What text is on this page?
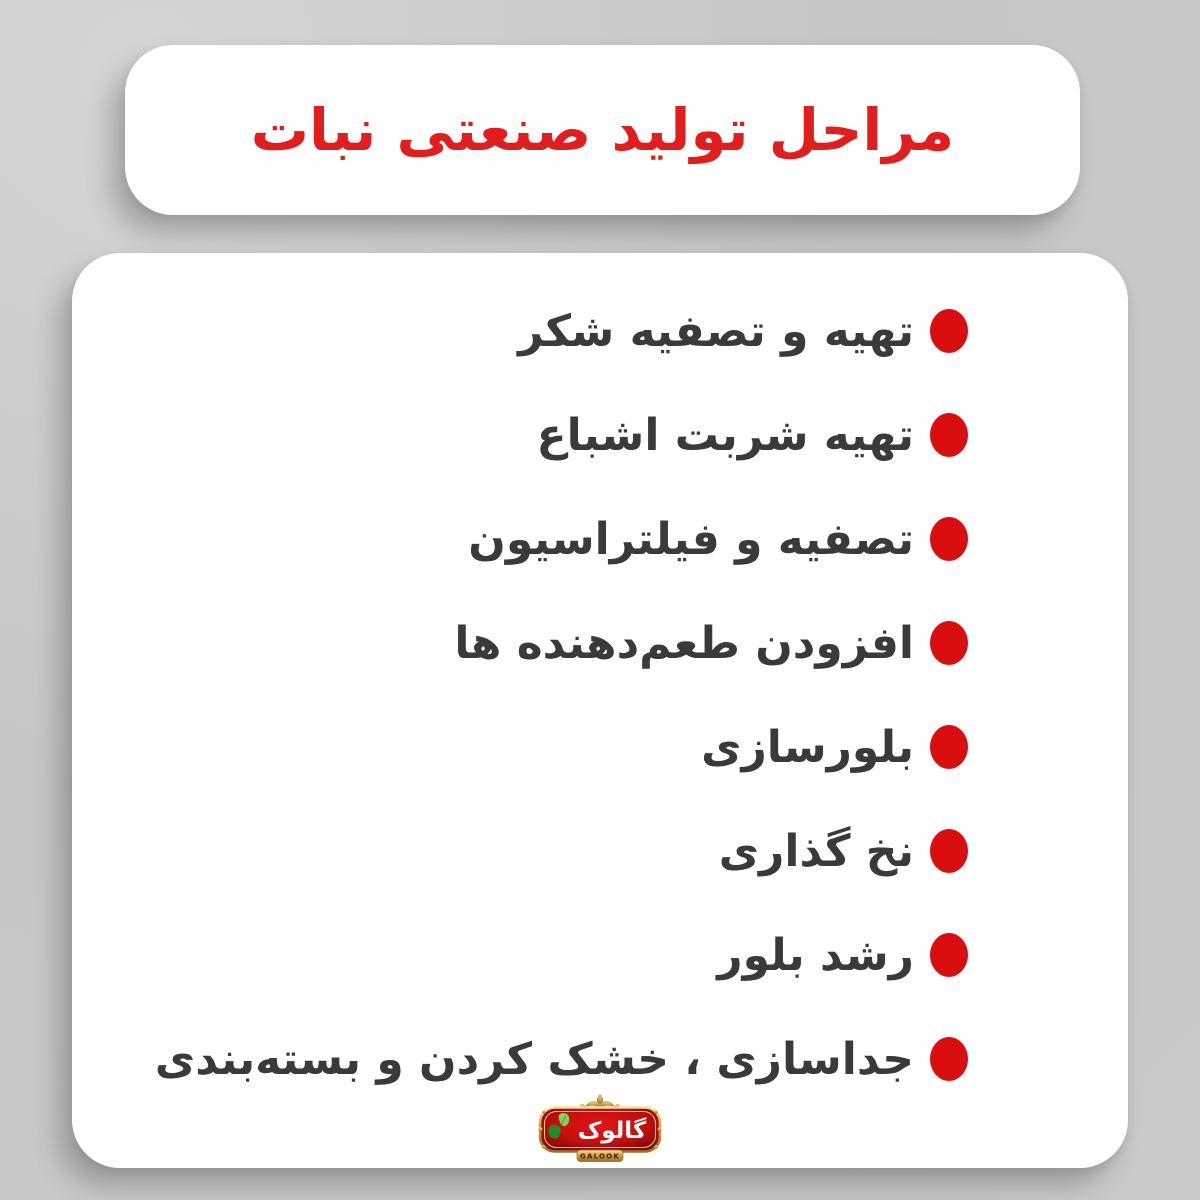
مراحل تولید صنعتی نبات
تهیه و تصفیه شکر
تهیه شربت اشباع
تصفیه و فیلتراسیون
افزودن طعم‌دهنده ها
بلورسازی
نخ گذاری
رشد بلور
جداسازی ، خشک کردن و بسته‌بندی
گالوک
GALOOK
